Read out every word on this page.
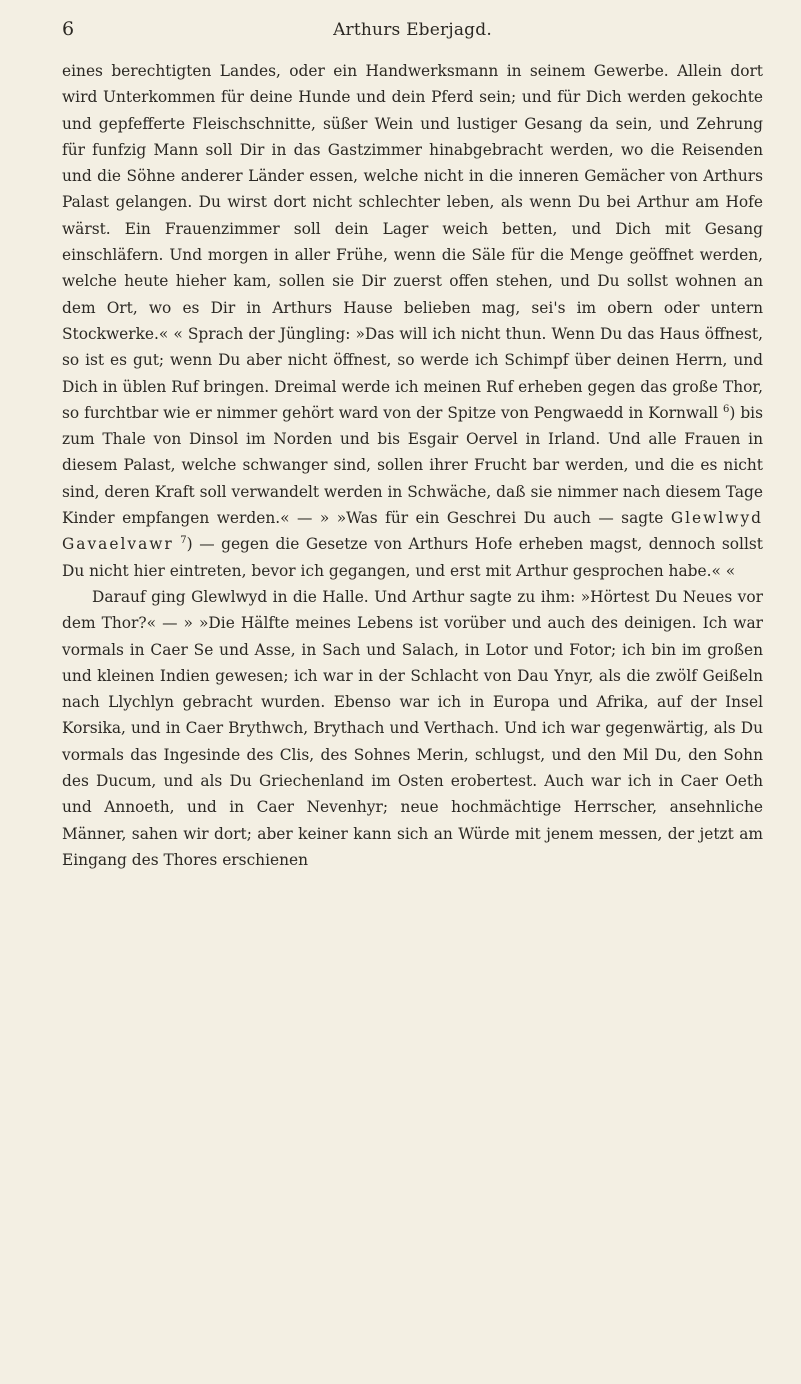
6	Arthurs Eberjagd.

eines berechtigten Landes, oder ein Handwerksmann in seinem Gewerbe. Allein dort wird Unterkommen für deine Hunde und dein Pferd sein; und für Dich werden gekochte und gepfefferte Fleischschnitte, süßer Wein und lustiger Gesang da sein, und Zehrung für funfzig Mann soll Dir in das Gastzimmer hinabgebracht werden, wo die Reisenden und die Söhne anderer Länder essen, welche nicht in die inneren Gemächer von Arthurs Palast gelangen. Du wirst dort nicht schlechter leben, als wenn Du bei Arthur am Hofe wärst. Ein Frauenzimmer soll dein Lager weich betten, und Dich mit Gesang einschläfern. Und morgen in aller Frühe, wenn die Säle für die Menge geöffnet werden, welche heute hieher kam, sollen sie Dir zuerst offen stehen, und Du sollst wohnen an dem Ort, wo es Dir in Arthurs Hause belieben mag, sei's im obern oder untern Stockwerke.« « Sprach der Jüngling: »Das will ich nicht thun. Wenn Du das Haus öffnest, so ist es gut; wenn Du aber nicht öffnest, so werde ich Schimpf über deinen Herrn, und Dich in üblen Ruf bringen. Dreimal werde ich meinen Ruf erheben gegen das große Thor, so furchtbar wie er nimmer gehört ward von der Spitze von Pengwaedd in Kornwall $^6$) bis zum Thale von Dinsol im Norden und bis Esgair Oervel in Irland. Und alle Frauen in diesem Palast, welche schwanger sind, sollen ihrer Frucht bar werden, und die es nicht sind, deren Kraft soll verwandelt werden in Schwäche, daß sie nimmer nach diesem Tage Kinder empfangen werden.« — » »Was für ein Geschrei Du auch — sagte Glewlwyd Gavaelvawr $^7$) — gegen die Gesetze von Arthurs Hofe erheben magst, dennoch sollst Du nicht hier eintreten, bevor ich gegangen, und erst mit Arthur gesprochen habe.« «

Darauf ging Glewlwyd in die Halle. Und Arthur sagte zu ihm: »Hörtest Du Neues vor dem Thor?« — » »Die Hälfte meines Lebens ist vorüber und auch des deinigen. Ich war vormals in Caer Se und Asse, in Sach und Salach, in Lotor und Fotor; ich bin im großen und kleinen Indien gewesen; ich war in der Schlacht von Dau Ynyr, als die zwölf Geißeln nach Llychlyn gebracht wurden. Ebenso war ich in Europa und Afrika, auf der Insel Korsika, und in Caer Brythwch, Brythach und Verthach. Und ich war gegenwärtig, als Du vormals das Ingesinde des Clis, des Sohnes Merin, schlugst, und den Mil Du, den Sohn des Ducum, und als Du Griechenland im Osten erobertest. Auch war ich in Caer Oeth und Annoeth, und in Caer Nevenhyr; neue hochmächtige Herrscher, ansehnliche Männer, sahen wir dort; aber keiner kann sich an Würde mit jenem messen, der jetzt am Eingang des Thores erschienen
